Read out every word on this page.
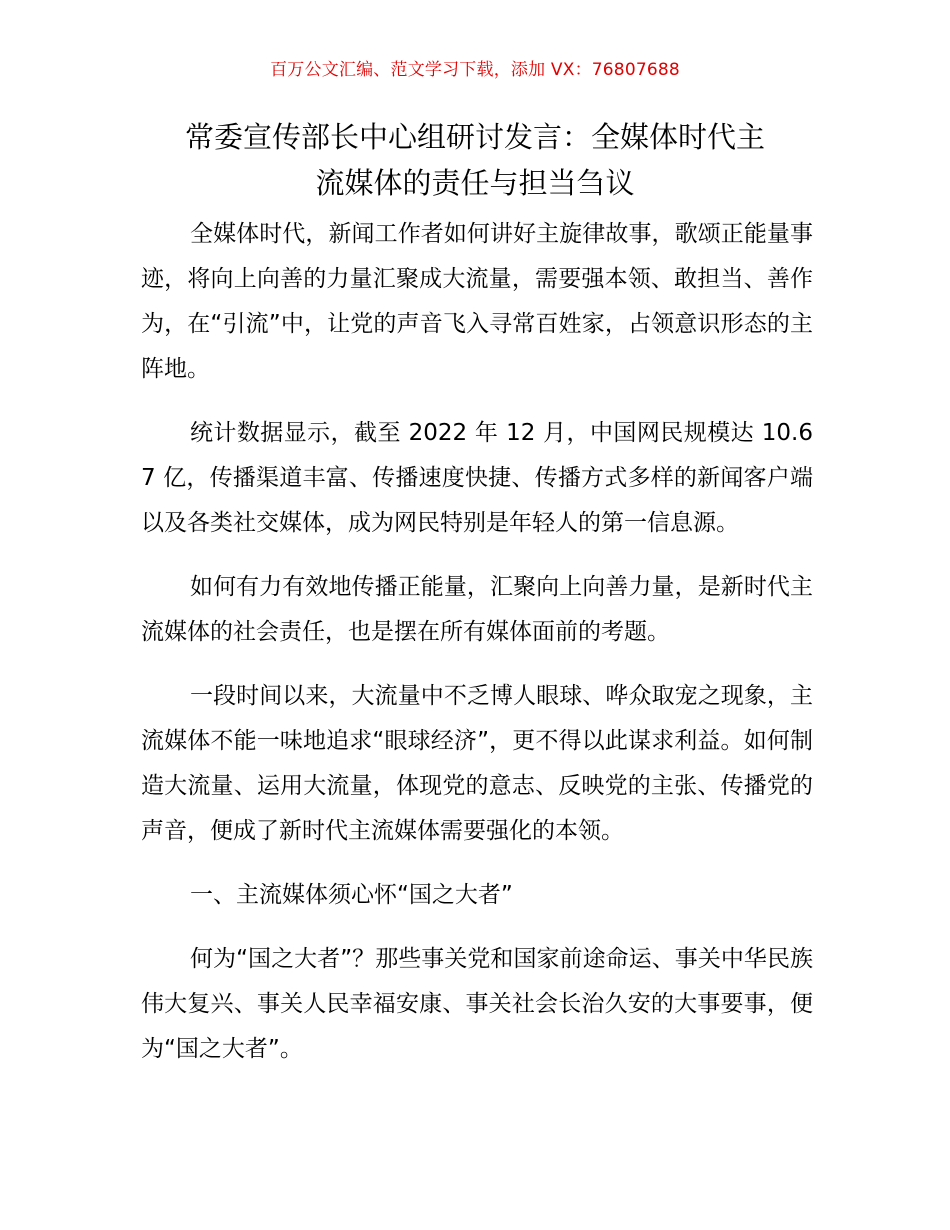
百万公文汇编、范文学习下载，添加 VX：76807688
常委宣传部长中心组研讨发言：全媒体时代主
流媒体的责任与担当刍议

全媒体时代，新闻工作者如何讲好主旋律故事，歌颂正能量事迹，将向上向善的力量汇聚成大流量，需要强本领、敢担当、善作为，在“引流”中，让党的声音飞入寻常百姓家，占领意识形态的主阵地。

统计数据显示，截至 2022 年 12 月，中国网民规模达 10.67 亿，传播渠道丰富、传播速度快捷、传播方式多样的新闻客户端以及各类社交媒体，成为网民特别是年轻人的第一信息源。

如何有力有效地传播正能量，汇聚向上向善力量，是新时代主流媒体的社会责任，也是摆在所有媒体面前的考题。

一段时间以来，大流量中不乏博人眼球、哗众取宠之现象，主流媒体不能一味地追求“眼球经济”，更不得以此谋求利益。如何制造大流量、运用大流量，体现党的意志、反映党的主张、传播党的声音，便成了新时代主流媒体需要强化的本领。

一、主流媒体须心怀“国之大者”

何为“国之大者”？那些事关党和国家前途命运、事关中华民族伟大复兴、事关人民幸福安康、事关社会长治久安的大事要事，便为“国之大者”。
